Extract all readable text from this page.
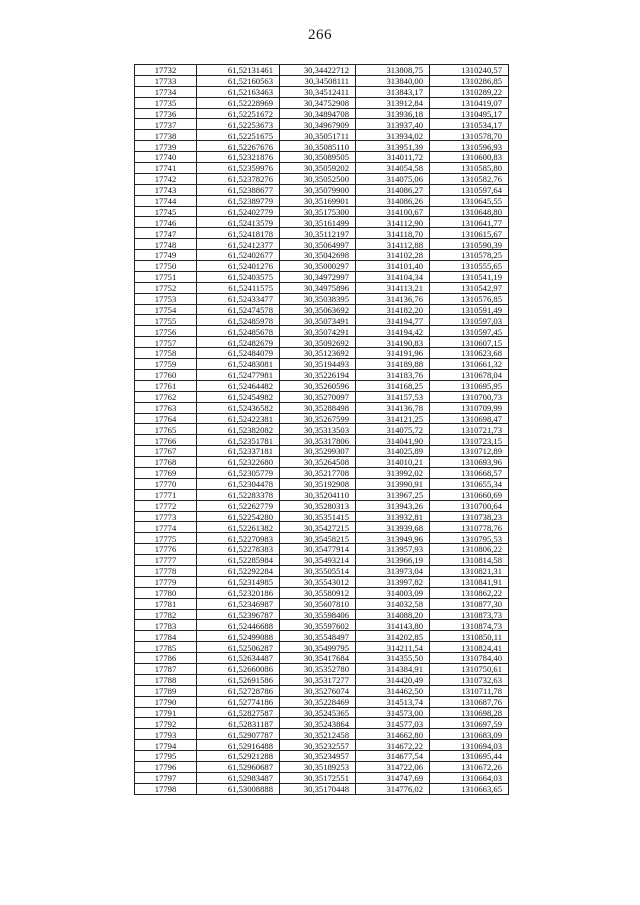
266
17732	61,52131461	30,34422712	313808,75	1310240,57
17733	61,52160563	30,34508111	313840,00	1310286,85
17734	61,52163463	30,34512411	313843,17	1310289,22
17735	61,52228969	30,34752908	313912,84	1310419,07
17736	61,52251672	30,34894708	313936,18	1310495,17
17737	61,52253673	30,34967909	313937,40	1310534,17
17738	61,52251675	30,35051711	313934,02	1310578,70
17739	61,52267676	30,35085110	313951,39	1310596,93
17740	61,52321876	30,35089505	314011,72	1310600,83
17741	61,52359976	30,35059202	314054,58	1310585,80
17742	61,52378276	30,35052500	314075,06	1310582,76
17743	61,52388677	30,35079900	314086,27	1310597,64
17744	61,52389779	30,35169901	314086,26	1310645,55
17745	61,52402779	30,35175300	314100,67	1310648,80
17746	61,52413579	30,35161499	314112,90	1310641,77
17747	61,52418178	30,35112197	314118,70	1310615,67
17748	61,52412377	30,35064997	314112,88	1310590,39
17749	61,52402677	30,35042698	314102,28	1310578,25
17750	61,52401276	30,35000297	314101,40	1310555,65
17751	61,52403575	30,34972997	314104,34	1310541,19
17752	61,52411575	30,34975896	314113,21	1310542,97
17753	61,52433477	30,35038395	314136,76	1310576,85
17754	61,52474578	30,35063692	314182,20	1310591,49
17755	61,52485978	30,35073491	314194,77	1310597,03
17756	61,52485678	30,35074291	314194,42	1310597,45
17757	61,52482679	30,35092692	314190,83	1310607,15
17758	61,52484079	30,35123692	314191,96	1310623,68
17759	61,52483081	30,35194493	314189,88	1310661,32
17760	61,52477981	30,35226194	314183,76	1310678,04
17761	61,52464482	30,35260596	314168,25	1310695,95
17762	61,52454982	30,35270097	314157,53	1310700,73
17763	61,52436582	30,35288498	314136,78	1310709,99
17764	61,52422381	30,35267599	314121,25	1310698,47
17765	61,52382082	30,35313503	314075,72	1310721,73
17766	61,52351781	30,35317806	314041,90	1310723,15
17767	61,52337181	30,35299307	314025,89	1310712,89
17768	61,52322680	30,35264508	314010,21	1310693,96
17769	61,52305779	30,35217708	313992,02	1310668,57
17770	61,52304478	30,35192908	313990,91	1310655,34
17771	61,52283378	30,35204110	313967,25	1310660,69
17772	61,52262779	30,35280313	313943,26	1310700,64
17773	61,52254280	30,35351415	313932,81	1310738,23
17774	61,52261382	30,35427215	313939,68	1310778,76
17775	61,52270983	30,35458215	313949,96	1310795,53
17776	61,52278383	30,35477914	313957,93	1310806,22
17777	61,52285984	30,35493214	313966,19	1310814,58
17778	61,52292284	30,35505514	313973,04	1310821,31
17779	61,52314985	30,35543012	313997,82	1310841,91
17780	61,52320186	30,35580912	314003,09	1310862,22
17781	61,52346987	30,35607810	314032,58	1310877,30
17782	61,52396787	30,35598406	314088,20	1310873,73
17783	61,52446688	30,35597602	314143,80	1310874,73
17784	61,52499088	30,35548497	314202,85	1310850,11
17785	61,52506287	30,35499795	314211,54	1310824,41
17786	61,52634487	30,35417684	314355,50	1310784,40
17787	61,52660086	30,35352780	314384,91	1310750,61
17788	61,52691586	30,35317277	314420,49	1310732,63
17789	61,52728786	30,35276074	314462,50	1310711,78
17790	61,52774186	30,35228469	314513,74	1310687,76
17791	61,52827587	30,35245365	314573,00	1310698,28
17792	61,52831187	30,35243864	314577,03	1310697,59
17793	61,52907787	30,35212458	314662,80	1310683,09
17794	61,52916488	30,35232557	314672,22	1310694,03
17795	61,52921288	30,35234957	314677,54	1310695,44
17796	61,52960687	30,35189253	314722,06	1310672,26
17797	61,52983487	30,35172551	314747,69	1310664,03
17798	61,53008888	30,35170448	314776,02	1310663,65
